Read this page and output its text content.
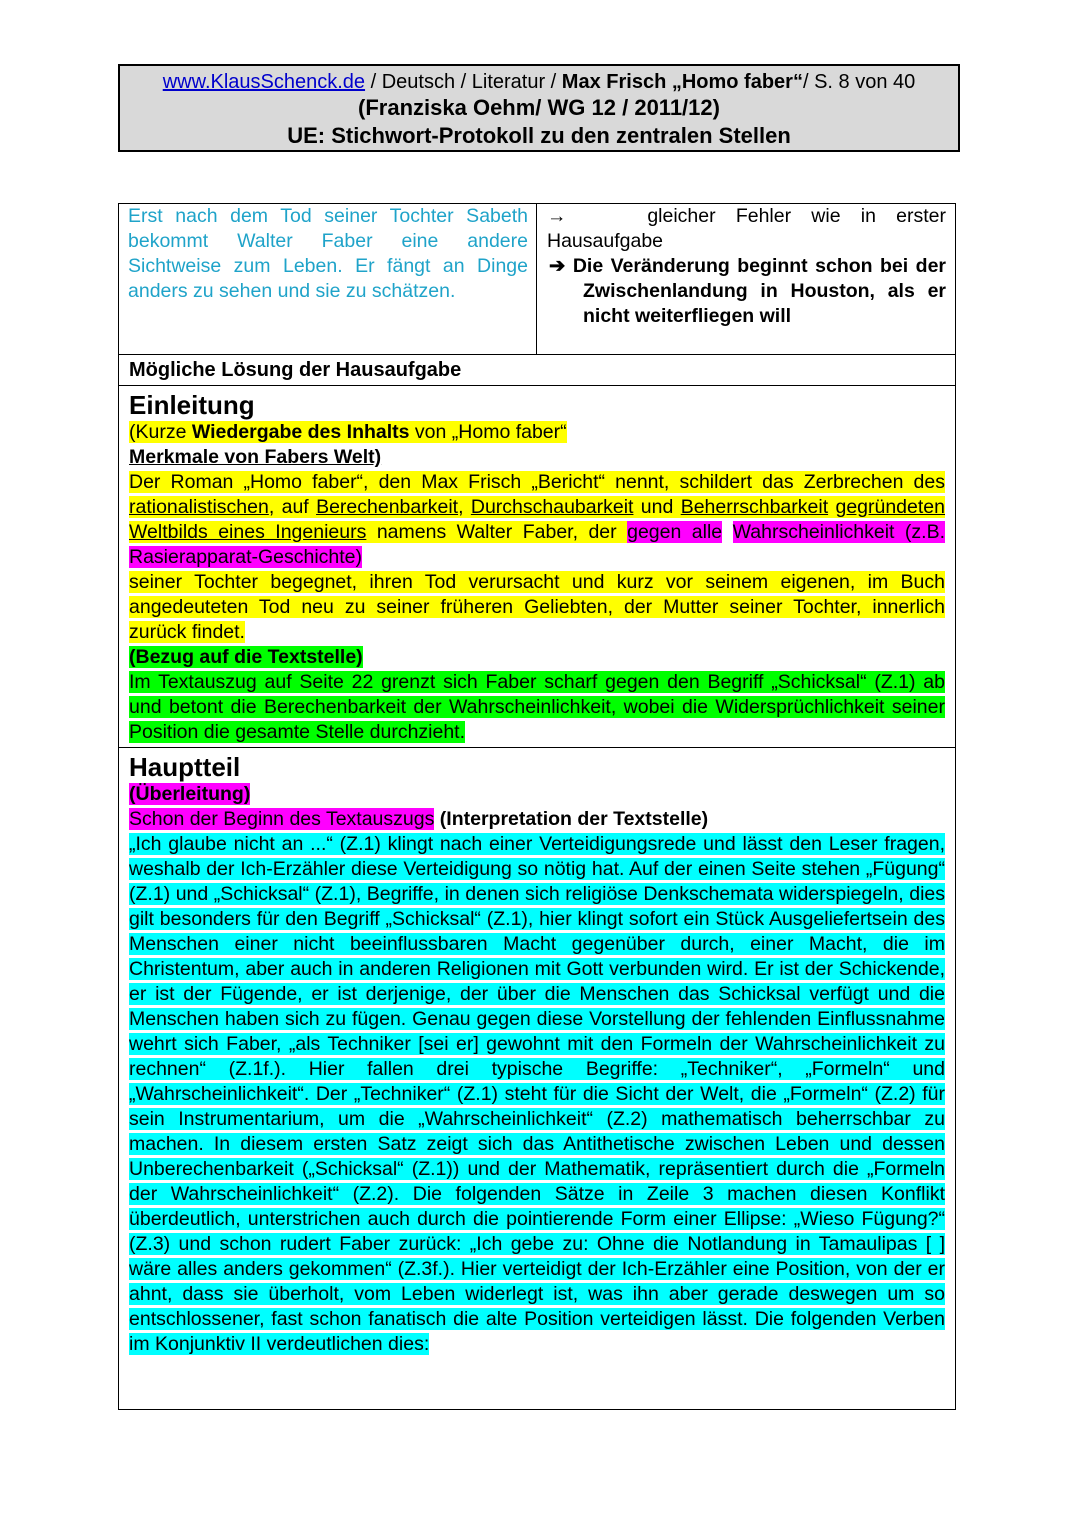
www.KlausSchenck.de / Deutsch / Literatur / Max Frisch „Homo faber“/ S. 8 von 40
(Franziska Oehm/ WG 12 / 2011/12)
UE: Stichwort-Protokoll zu den zentralen Stellen

Erst nach dem Tod seiner Tochter Sabeth bekommt Walter Faber eine andere Sichtweise zum Leben. Er fängt an Dinge anders zu sehen und sie zu schätzen.

→	gleicher Fehler wie in erster Hausaufgabe

➔ Die Veränderung beginnt schon bei der Zwischenlandung in Houston, als er nicht weiterfliegen will
Mögliche Lösung der Hausaufgabe
Einleitung

(Kurze Wiedergabe des Inhalts von „Homo faber“

Merkmale von Fabers Welt)

Der Roman „Homo faber“, den Max Frisch „Bericht“ nennt, schildert das Zerbrechen des rationalistischen, auf Berechenbarkeit, Durchschaubarkeit und Beherrschbarkeit gegründeten Weltbilds eines Ingenieurs namens Walter Faber, der gegen alle Wahrscheinlichkeit (z.B. Rasierapparat-Geschichte)

seiner Tochter begegnet, ihren Tod verursacht und kurz vor seinem eigenen, im Buch angedeuteten Tod neu zu seiner früheren Geliebten, der Mutter seiner Tochter, innerlich zurück findet.

(Bezug auf die Textstelle)

Im Textauszug auf Seite 22 grenzt sich Faber scharf gegen den Begriff „Schicksal“ (Z.1) ab und betont die Berechenbarkeit der Wahrscheinlichkeit, wobei die Widersprüchlichkeit seiner Position die gesamte Stelle durchzieht.

Hauptteil

(Überleitung)

Schon der Beginn des Textauszugs (Interpretation der Textstelle)

„Ich glaube nicht an ...“ (Z.1) klingt nach einer Verteidigungsrede und lässt den Leser fragen, weshalb der Ich-Erzähler diese Verteidigung so nötig hat. Auf der einen Seite stehen „Fügung“ (Z.1) und „Schicksal“ (Z.1), Begriffe, in denen sich religiöse Denkschemata widerspiegeln, dies gilt besonders für den Begriff „Schicksal“ (Z.1), hier klingt sofort ein Stück Ausgeliefertsein des Menschen einer nicht beeinflussbaren Macht gegenüber durch, einer Macht, die im Christentum, aber auch in anderen Religionen mit Gott verbunden wird. Er ist der Schickende, er ist der Fügende, er ist derjenige, der über die Menschen das Schicksal verfügt und die Menschen haben sich zu fügen. Genau gegen diese Vorstellung der fehlenden Einflussnahme wehrt sich Faber, „als Techniker [sei er] gewohnt mit den Formeln der Wahrscheinlichkeit zu rechnen“ (Z.1f.). Hier fallen drei typische Begriffe: „Techniker“, „Formeln“ und „Wahrscheinlichkeit“. Der „Techniker“ (Z.1) steht für die Sicht der Welt, die „Formeln“ (Z.2) für sein Instrumentarium, um die „Wahrscheinlichkeit“ (Z.2) mathematisch beherrschbar zu machen. In diesem ersten Satz zeigt sich das Antithetische zwischen Leben und dessen Unberechenbarkeit („Schicksal“ (Z.1)) und der Mathematik, repräsentiert durch die „Formeln der Wahrscheinlichkeit“ (Z.2). Die folgenden Sätze in Zeile 3 machen diesen Konflikt überdeutlich, unterstrichen auch durch die pointierende Form einer Ellipse: „Wieso Fügung?“ (Z.3) und schon rudert Faber zurück: „Ich gebe zu: Ohne die Notlandung in Tamaulipas [ ] wäre alles anders gekommen“ (Z.3f.). Hier verteidigt der Ich-Erzähler eine Position, von der er ahnt, dass sie überholt, vom Leben widerlegt ist, was ihn aber gerade deswegen um so entschlossener, fast schon fanatisch die alte Position verteidigen lässt. Die folgenden Verben im Konjunktiv II verdeutlichen dies:
